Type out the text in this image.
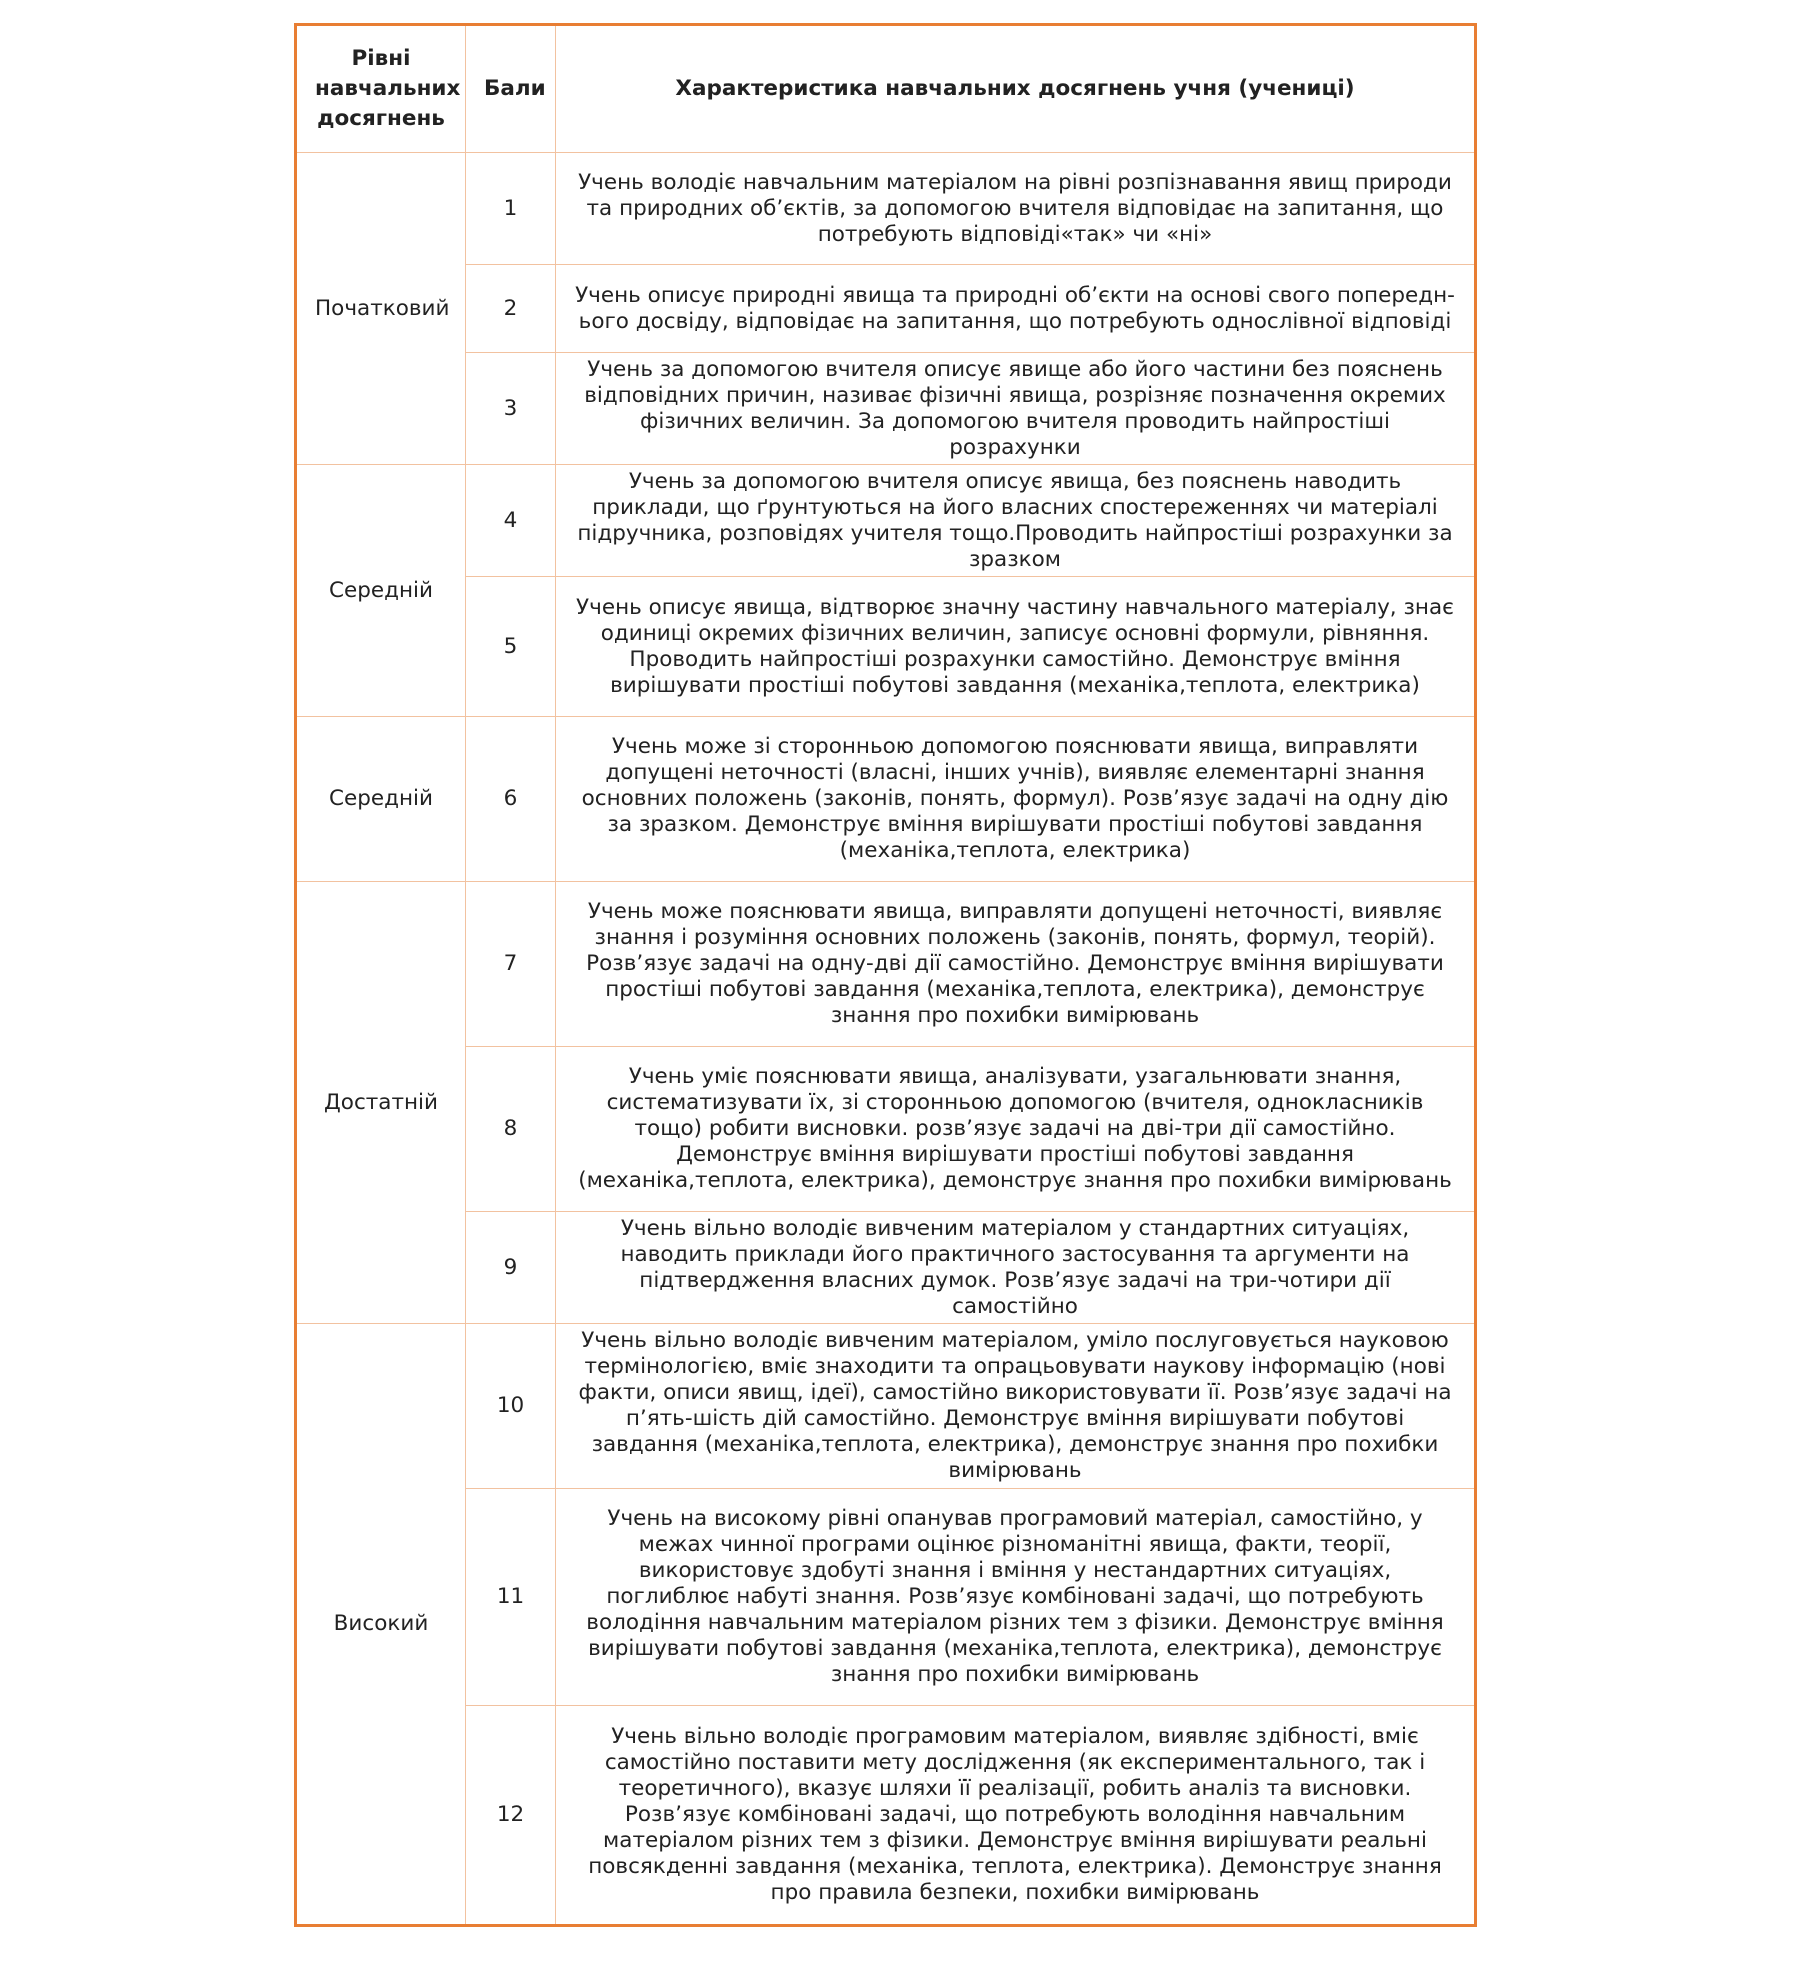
Рівні навчальних досягнень	Бали	Характеристика навчальних досягнень учня (учениці)
Початковий	1	Учень володіє навчальним матеріалом на рівні розпізнавання явищ природи та природних об’єктів, за допомогою вчителя відповідає на запитання, що потребують відповіді«так» чи «ні»
	2	Учень описує природні явища та природні об’єкти на основі свого попереднього досвіду, відповідає на запитання, що потребують однослівної відповіді
	3	Учень за допомогою вчителя описує явище або його частини без пояснень відповідних причин, називає фізичні явища, розрізняє позначення окремих фізичних величин. За допомогою вчителя проводить найпростіші розрахунки
Середній	4	Учень за допомогою вчителя описує явища, без пояснень наводить приклади, що ґрунтуються на його власних спостереженнях чи матеріалі підручника, розповідях учителя тощо.Проводить найпростіші розрахунки за зразком
	5	Учень описує явища, відтворює значну частину навчального матеріалу, знає одиниці окремих фізичних величин, записує основні формули, рівняння. Проводить найпростіші розрахунки самостійно. Демонструє вміння вирішувати простіші побутові завдання (механіка,теплота, електрика)
Середній	6	Учень може зі сторонньою допомогою пояснювати явища, виправляти допущені неточності (власні, інших учнів), виявляє елементарні знання основних положень (законів, понять, формул). Розв’язує задачі на одну дію за зразком. Демонструє вміння вирішувати простіші побутові завдання (механіка,теплота, електрика)
Достатній	7	Учень може пояснювати явища, виправляти допущені неточності, виявляє знання і розуміння основних положень (законів, понять, формул, теорій). Розв’язує задачі на одну-дві дії самостійно. Демонструє вміння вирішувати простіші побутові завдання (механіка,теплота, електрика), демонструє знання про похибки вимірювань
	8	Учень уміє пояснювати явища, аналізувати, узагальнювати знання, систематизувати їх, зі сторонньою допомогою (вчителя, однокласників тощо) робити висновки. розв’язує задачі на дві-три дії самостійно. Демонструє вміння вирішувати простіші побутові завдання (механіка,теплота, електрика), демонструє знання про похибки вимірювань
	9	Учень вільно володіє вивченим матеріалом у стандартних ситуаціях, наводить приклади його практичного застосування та аргументи на підтвердження власних думок. Розв’язує задачі на три-чотири дії самостійно
Високий	10	Учень вільно володіє вивченим матеріалом, уміло послуговується науковою термінологією, вміє знаходити та опрацьовувати наукову інформацію (нові факти, описи явищ, ідеї), самостійно використовувати її. Розв’язує задачі на п’ять-шість дій самостійно. Демонструє вміння вирішувати побутові завдання (механіка,теплота, електрика), демонструє знання про похибки вимірювань
	11	Учень на високому рівні опанував програмовий матеріал, самостійно, у межах чинної програми оцінює різноманітні явища, факти, теорії, використовує здобуті знання і вміння у нестандартних ситуаціях, поглиблює набуті знання. Розв’язує комбіновані задачі, що потребують володіння навчальним матеріалом різних тем з фізики. Демонструє вміння вирішувати побутові завдання (механіка,теплота, електрика), демонструє знання про похибки вимірювань
	12	Учень вільно володіє програмовим матеріалом, виявляє здібності, вміє самостійно поставити мету дослідження (як експериментального, так і теоретичного), вказує шляхи її реалізації, робить аналіз та висновки. Розв’язує комбіновані задачі, що потребують володіння навчальним матеріалом різних тем з фізики. Демонструє вміння вирішувати реальні повсякденні завдання (механіка, теплота, електрика). Демонструє знання про правила безпеки, похибки вимірювань
